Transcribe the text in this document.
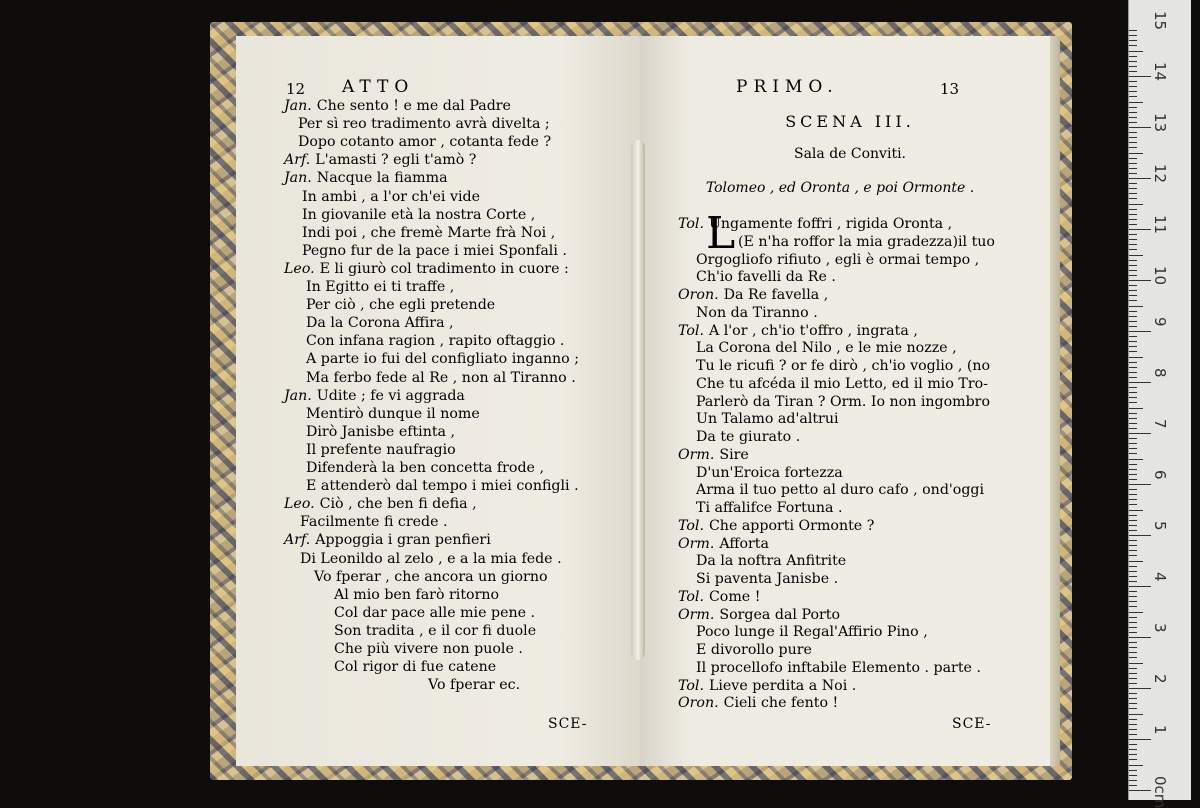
12 ATTO
Jan. Che sento ! e me dal Padre
Per sì reo tradimento avrà divelta ;
Dopo cotanto amor , cotanta fede ?
Arf. L'amasti ? egli t'amò ?
Jan. Nacque la fiamma
In ambi , a l'or ch'ei vide
In giovanile età la nostra Corte ,
Indi poi , che fremè Marte frà Noi ,
Pegno fur de la pace i miei Sponfali .
Leo. E li giurò col tradimento in cuore :
In Egitto ei ti traffe ,
Per ciò , che egli pretende
Da la Corona Affira ,
Con infana ragion , rapito oftaggio .
A parte io fui del configliato inganno ;
Ma ferbo fede al Re , non al Tiranno .
Jan. Udite ; fe vi aggrada
Mentirò dunque il nome
Dirò Janisbe eftinta ,
Il prefente naufragio
Difenderà la ben concetta frode ,
E attenderò dal tempo i miei configli .
Leo. Ciò , che ben fi defia ,
Facilmente fi crede .
Arf. Appoggia i gran penfieri
Di Leonildo al zelo , e a la mia fede .
Vo fperar , che ancora un giorno
Al mio ben farò ritorno
Col dar pace alle mie pene .
Son tradita , e il cor fi duole
Che più vivere non puole .
Col rigor di fue catene
Vo fperar ec.
SCE-
PRIMO.	13
SCENA III.
Sala de Conviti.
Tolomeo , ed Oronta , e poi Ormonte .
L
Tol. Ungamente foffri , rigida Oronta ,
(E n'ha roffor la mia gradezza)il tuo
Orgogliofo rifiuto , egli è ormai tempo ,
Ch'io favelli da Re .
Oron. Da Re favella ,
Non da Tiranno .
Tol. A l'or , ch'io t'offro , ingrata ,
La Corona del Nilo , e le mie nozze ,
Tu le ricufi ? or fe dirò , ch'io voglio , (no
Che tu afcéda il mio Letto, ed il mio Tro-
Parlerò da Tiran ? Orm. Io non ingombro
Un Talamo ad'altrui
Da te giurato .
Orm. Sire
D'un'Eroica fortezza
Arma il tuo petto al duro cafo , ond'oggi
Ti affalifce Fortuna .
Tol. Che apporti Ormonte ?
Orm. Afforta
Da la noftra Anfitrite
Si paventa Janisbe .
Tol. Come !
Orm. Sorgea dal Porto
Poco lunge il Regal'Affirio Pino ,
E divorollo pure
Il procellofo inftabile Elemento . parte .
Tol. Lieve perdita a Noi .
Oron. Cieli che fento !
SCE-
0cm
1
2
3
4
5
6
7
8
9
10
11
12
13
14
15
